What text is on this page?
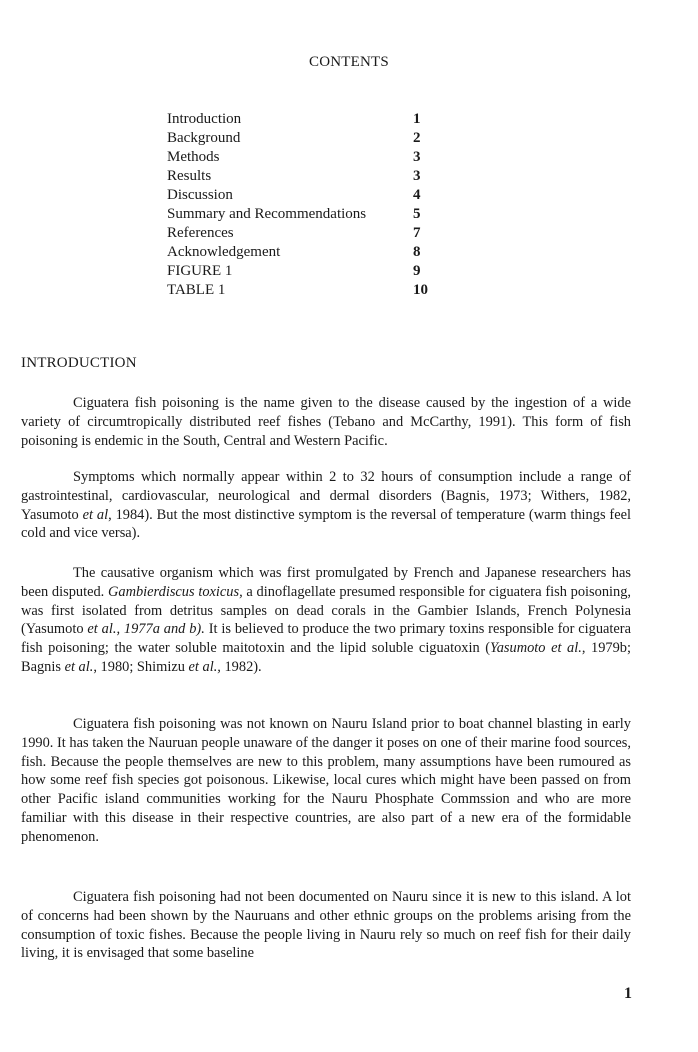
CONTENTS
Introduction	1
Background	2
Methods	3
Results	3
Discussion	4
Summary and Recommendations	5
References	7
Acknowledgement	8
FIGURE 1	9
TABLE 1	10
INTRODUCTION

Ciguatera fish poisoning is the name given to the disease caused by the ingestion of a wide variety of circumtropically distributed reef fishes (Tebano and McCarthy, 1991). This form of fish poisoning is endemic in the South, Central and Western Pacific.

Symptoms which normally appear within 2 to 32 hours of consumption include a range of gastrointestinal, cardiovascular, neurological and dermal disorders (Bagnis, 1973; Withers, 1982, Yasumoto et al, 1984). But the most distinctive symptom is the reversal of temperature (warm things feel cold and vice versa).

The causative organism which was first promulgated by French and Japanese researchers has been disputed. Gambierdiscus toxicus, a dinoflagellate presumed responsible for ciguatera fish poisoning, was first isolated from detritus samples on dead corals in the Gambier Islands, French Polynesia (Yasumoto et al., 1977a and b). It is believed to produce the two primary toxins responsible for ciguatera fish poisoning; the water soluble maitotoxin and the lipid soluble ciguatoxin (Yasumoto et al., 1979b; Bagnis et al., 1980; Shimizu et al., 1982).

Ciguatera fish poisoning was not known on Nauru Island prior to boat channel blasting in early 1990. It has taken the Nauruan people unaware of the danger it poses on one of their marine food sources, fish. Because the people themselves are new to this problem, many assumptions have been rumoured as how some reef fish species got poisonous. Likewise, local cures which might have been passed on from other Pacific island communities working for the Nauru Phosphate Commssion and who are more familiar with this disease in their respective countries, are also part of a new era of the formidable phenomenon.

Ciguatera fish poisoning had not been documented on Nauru since it is new to this island. A lot of concerns had been shown by the Nauruans and other ethnic groups on the problems arising from the consumption of toxic fishes. Because the people living in Nauru rely so much on reef fish for their daily living, it is envisaged that some baseline

1
